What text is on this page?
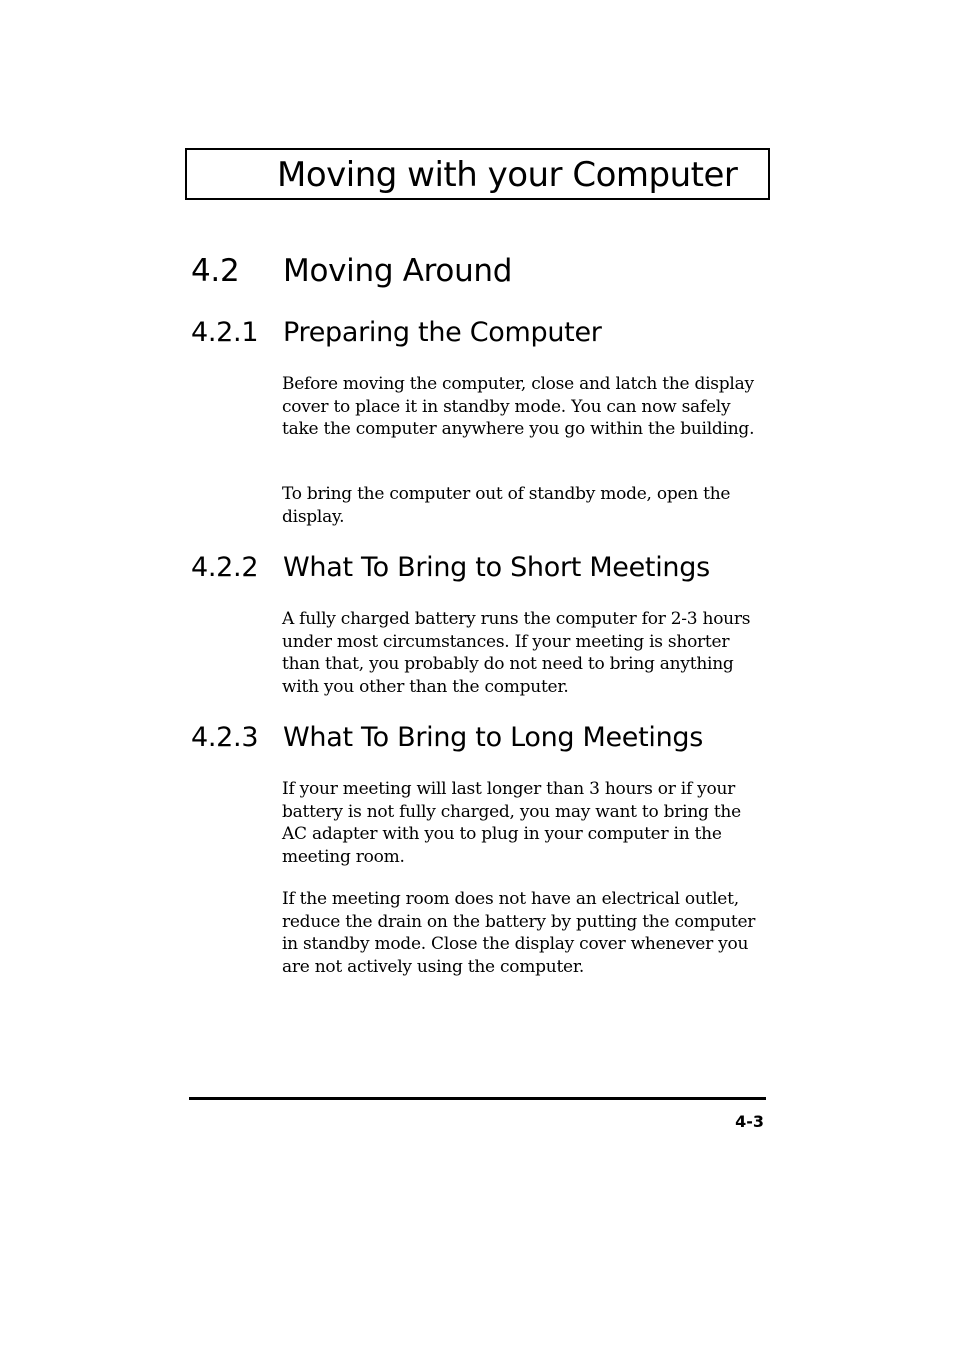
Moving with your Computer
4.2 Moving Around
4.2.1 Preparing the Computer

Before moving the computer, close and latch the display cover to place it in standby mode. You can now safely take the computer anywhere you go within the building.

To bring the computer out of standby mode, open the display.

4.2.2 What To Bring to Short Meetings

A fully charged battery runs the computer for 2-3 hours under most circumstances. If your meeting is shorter than that, you probably do not need to bring anything with you other than the computer.

4.2.3 What To Bring to Long Meetings

If your meeting will last longer than 3 hours or if your battery is not fully charged, you may want to bring the AC adapter with you to plug in your computer in the meeting room.

If the meeting room does not have an electrical outlet, reduce the drain on the battery by putting the computer in standby mode. Close the display cover whenever you are not actively using the computer.

4-3
